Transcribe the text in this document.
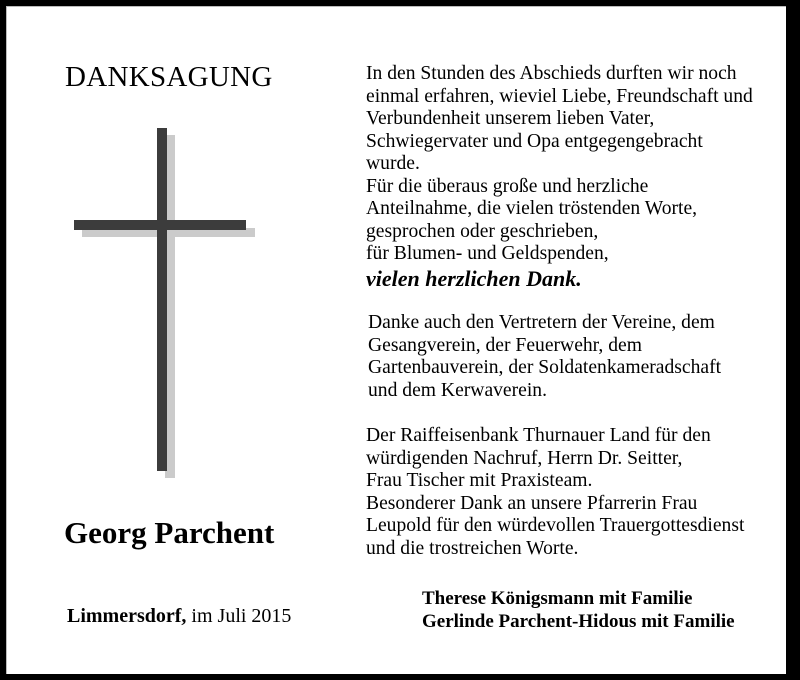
DANKSAGUNG
Georg Parchent
Limmersdorf, im Juli 2015
In den Stunden des Abschieds durften wir noch
einmal erfahren, wieviel Liebe, Freundschaft und
Verbundenheit unserem lieben Vater,
Schwiegervater und Opa entgegengebracht
wurde.
Für die überaus große und herzliche
Anteilnahme, die vielen tröstenden Worte,
gesprochen oder geschrieben,
für Blumen- und Geldspenden,
vielen herzlichen Dank.
Danke auch den Vertretern der Vereine, dem
Gesangverein, der Feuerwehr, dem
Gartenbauverein, der Soldatenkameradschaft
und dem Kerwaverein.
Der Raiffeisenbank Thurnauer Land für den
würdigenden Nachruf, Herrn Dr. Seitter,
Frau Tischer mit Praxisteam.
Besonderer Dank an unsere Pfarrerin Frau
Leupold für den würdevollen Trauergottesdienst
und die trostreichen Worte.
Therese Königsmann mit Familie
Gerlinde Parchent-Hidous mit Familie
